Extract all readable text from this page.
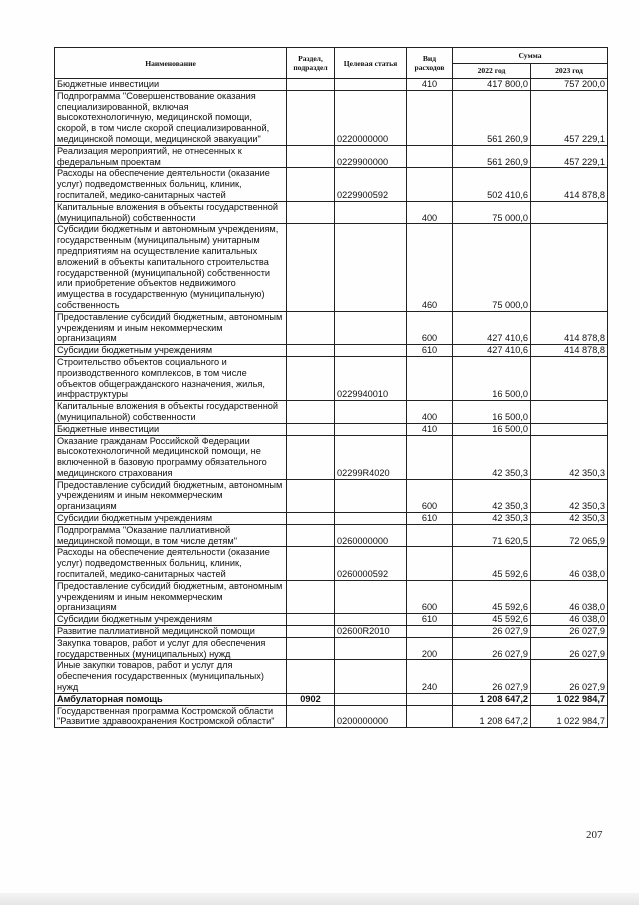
Наименование	Раздел, подраздел	Целевая статья	Вид расходов	Сумма	
				2022 год	2023 год
Бюджетные инвестиции			410	417 800,0	757 200,0
Подпрограмма "Совершенствование оказания специализированной, включая высокотехнологичную, медицинской помощи, скорой, в том числе скорой специализированной, медицинской помощи, медицинской эвакуации"		0220000000		561 260,9	457 229,1
Реализация мероприятий, не отнесенных к федеральным проектам		0229900000		561 260,9	457 229,1
Расходы на обеспечение деятельности (оказание услуг) подведомственных больниц, клиник, госпиталей, медико-санитарных частей		0229900592		502 410,6	414 878,8
Капитальные вложения в объекты государственной (муниципальной) собственности			400	75 000,0	
Субсидии бюджетным и автономным учреждениям, государственным (муниципальным) унитарным предприятиям на осуществление капитальных вложений в объекты капитального строительства государственной (муниципальной) собственности или приобретение объектов недвижимого имущества в государственную (муниципальную) собственность			460	75 000,0	
Предоставление субсидий бюджетным, автономным учреждениям и иным некоммерческим организациям			600	427 410,6	414 878,8
Субсидии бюджетным учреждениям			610	427 410,6	414 878,8
Строительство объектов социального и производственного комплексов, в том числе объектов общегражданского назначения, жилья, инфраструктуры		0229940010		16 500,0	
Капитальные вложения в объекты государственной (муниципальной) собственности			400	16 500,0	
Бюджетные инвестиции			410	16 500,0	
Оказание гражданам Российской Федерации высокотехнологичной медицинской помощи, не включенной в базовую программу обязательного медицинского страхования		02299R4020		42 350,3	42 350,3
Предоставление субсидий бюджетным, автономным учреждениям и иным некоммерческим организациям			600	42 350,3	42 350,3
Субсидии бюджетным учреждениям			610	42 350,3	42 350,3
Подпрограмма "Оказание паллиативной медицинской помощи, в том числе детям"		0260000000		71 620,5	72 065,9
Расходы на обеспечение деятельности (оказание услуг) подведомственных больниц, клиник, госпиталей, медико-санитарных частей		0260000592		45 592,6	46 038,0
Предоставление субсидий бюджетным, автономным учреждениям и иным некоммерческим организациям			600	45 592,6	46 038,0
Субсидии бюджетным учреждениям			610	45 592,6	46 038,0
Развитие паллиативной медицинской помощи		02600R2010		26 027,9	26 027,9
Закупка товаров, работ и услуг для обеспечения государственных (муниципальных) нужд			200	26 027,9	26 027,9
Иные закупки товаров, работ и услуг для обеспечения государственных (муниципальных) нужд			240	26 027,9	26 027,9
Амбулаторная помощь	0902			1 208 647,2	1 022 984,7
Государственная программа Костромской области "Развитие здравоохранения Костромской области"		0200000000		1 208 647,2	1 022 984,7
207
